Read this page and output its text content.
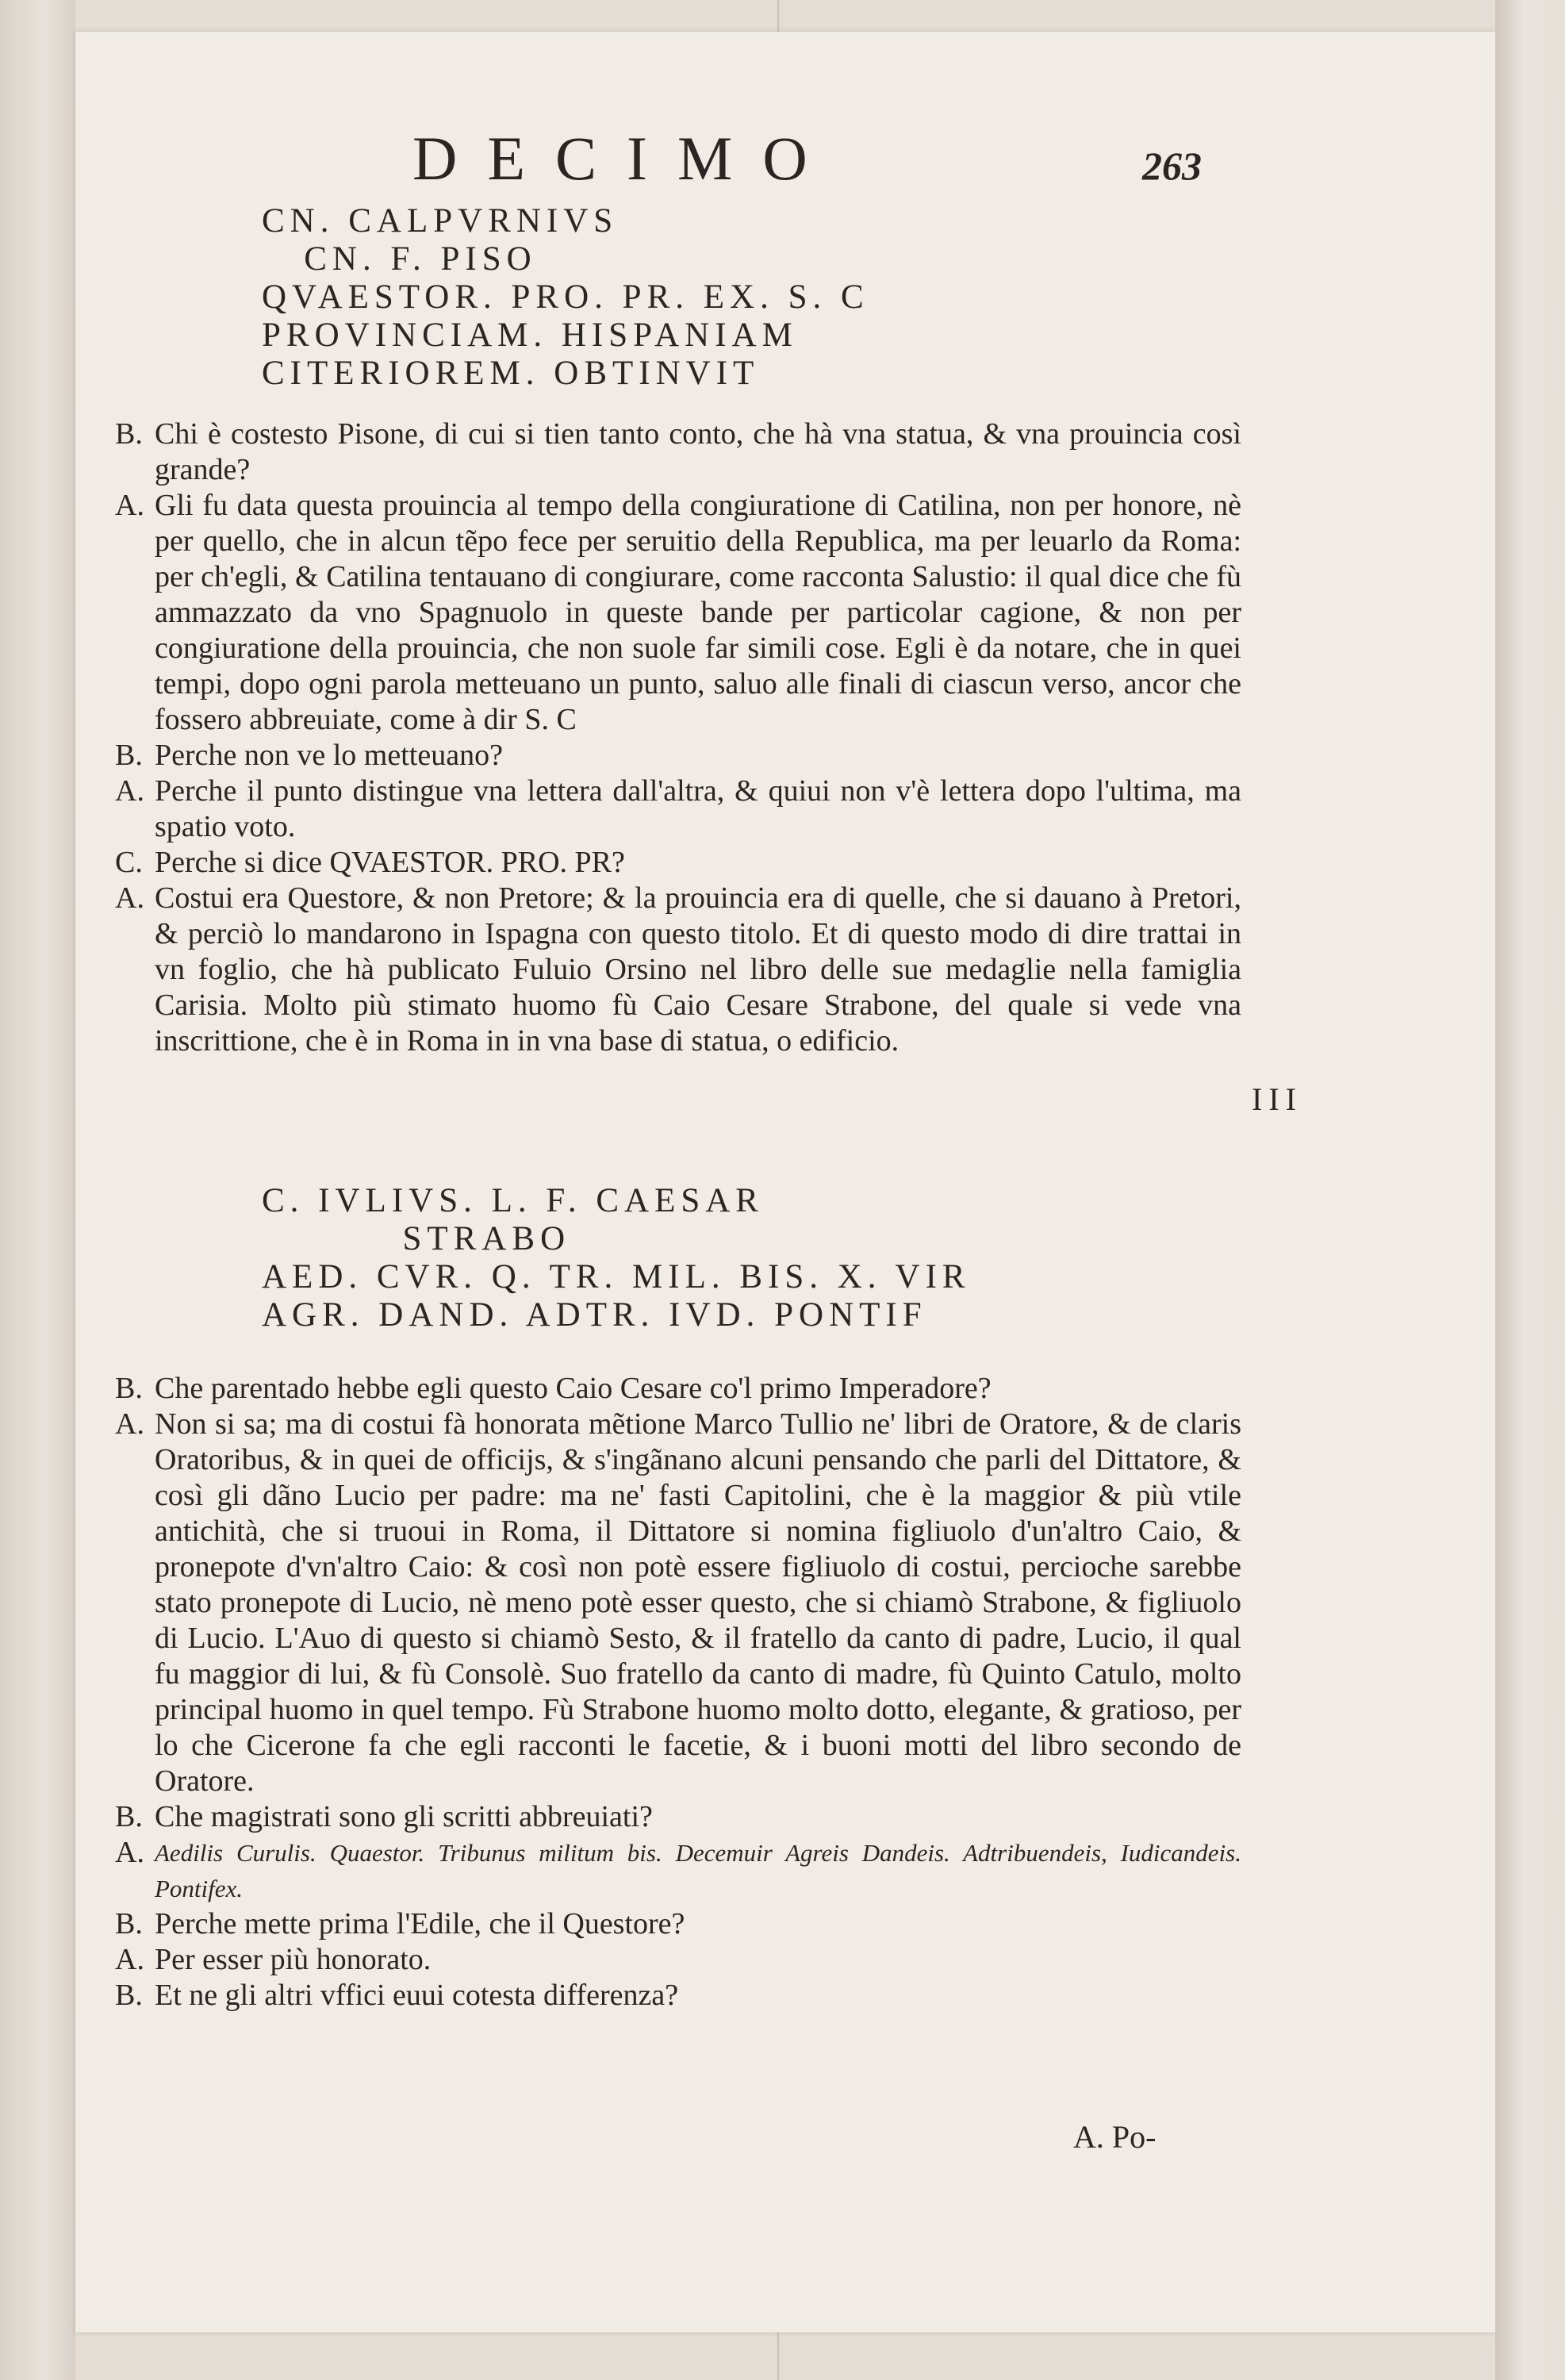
DECIMO	263
CN. CALPVRNIVS
CN. F. PISO
QVAESTOR. PRO. PR. EX. S. C
PROVINCIAM. HISPANIAM
CITERIOREM. OBTINVIT
B. Chi è costesto Pisone, di cui si tien tanto conto, che hà vna statua, & vna prouincia così grande?
A. Gli fu data questa prouincia al tempo della congiuratione di Catilina, non per honore, nè per quello, che in alcun tẽpo fece per seruitio della Republica, ma per leuarlo da Roma: per ch'egli, & Catilina tentauano di congiurare, come racconta Salustio: il qual dice che fù ammazzato da vno Spagnuolo in queste bande per particolar cagione, & non per congiuratione della prouincia, che non suole far simili cose. Egli è da notare, che in quei tempi, dopo ogni parola metteuano un punto, saluo alle finali di ciascun verso, ancor che fossero abbreuiate, come à dir S. C
B. Perche non ve lo metteuano?
A. Perche il punto distingue vna lettera dall'altra, & quiui non v'è lettera dopo l'ultima, ma spatio voto.
C. Perche si dice QVAESTOR. PRO. PR?
A. Costui era Questore, & non Pretore; & la prouincia era di quelle, che si dauano à Pretori, & perciò lo mandarono in Ispagna con questo titolo. Et di questo modo di dire trattai in vn foglio, che hà publicato Fuluio Orsino nel libro delle sue medaglie nella famiglia Carisia. Molto più stimato huomo fù Caio Cesare Strabone, del quale si vede vna inscrittione, che è in Roma in in vna base di statua, o edificio.
III
C. IVLIVS. L. F. CAESAR
STRABO
AED. CVR. Q. TR. MIL. BIS. X. VIR
AGR. DAND. ADTR. IVD. PONTIF
B. Che parentado hebbe egli questo Caio Cesare co'l primo Imperadore?
A. Non si sa; ma di costui fà honorata mẽtione Marco Tullio ne' libri de Oratore, & de claris Oratoribus, & in quei de officijs, & s'ingãnano alcuni pensando che parli del Dittatore, & così gli dãno Lucio per padre: ma ne' fasti Capitolini, che è la maggior & più vtile antichità, che si truoui in Roma, il Dittatore si nomina figliuolo d'un'altro Caio, & pronepote d'vn'altro Caio: & così non potè essere figliuolo di costui, percioche sarebbe stato pronepote di Lucio, nè meno potè esser questo, che si chiamò Strabone, & figliuolo di Lucio. L'Auo di questo si chiamò Sesto, & il fratello da canto di padre, Lucio, il qual fu maggior di lui, & fù Consolè. Suo fratello da canto di madre, fù Quinto Catulo, molto principal huomo in quel tempo. Fù Strabone huomo molto dotto, elegante, & gratioso, per lo che Cicerone fa che egli racconti le facetie, & i buoni motti del libro secondo de Oratore.
B. Che magistrati sono gli scritti abbreuiati?
A. Aedilis Curulis. Quaestor. Tribunus militum bis. Decemuir Agreis Dandeis. Adtribuendeis, Iudicandeis. Pontifex.
B. Perche mette prima l'Edile, che il Questore?
A. Per esser più honorato.
B. Et ne gli altri vffici euui cotesta differenza?
A. Po-
